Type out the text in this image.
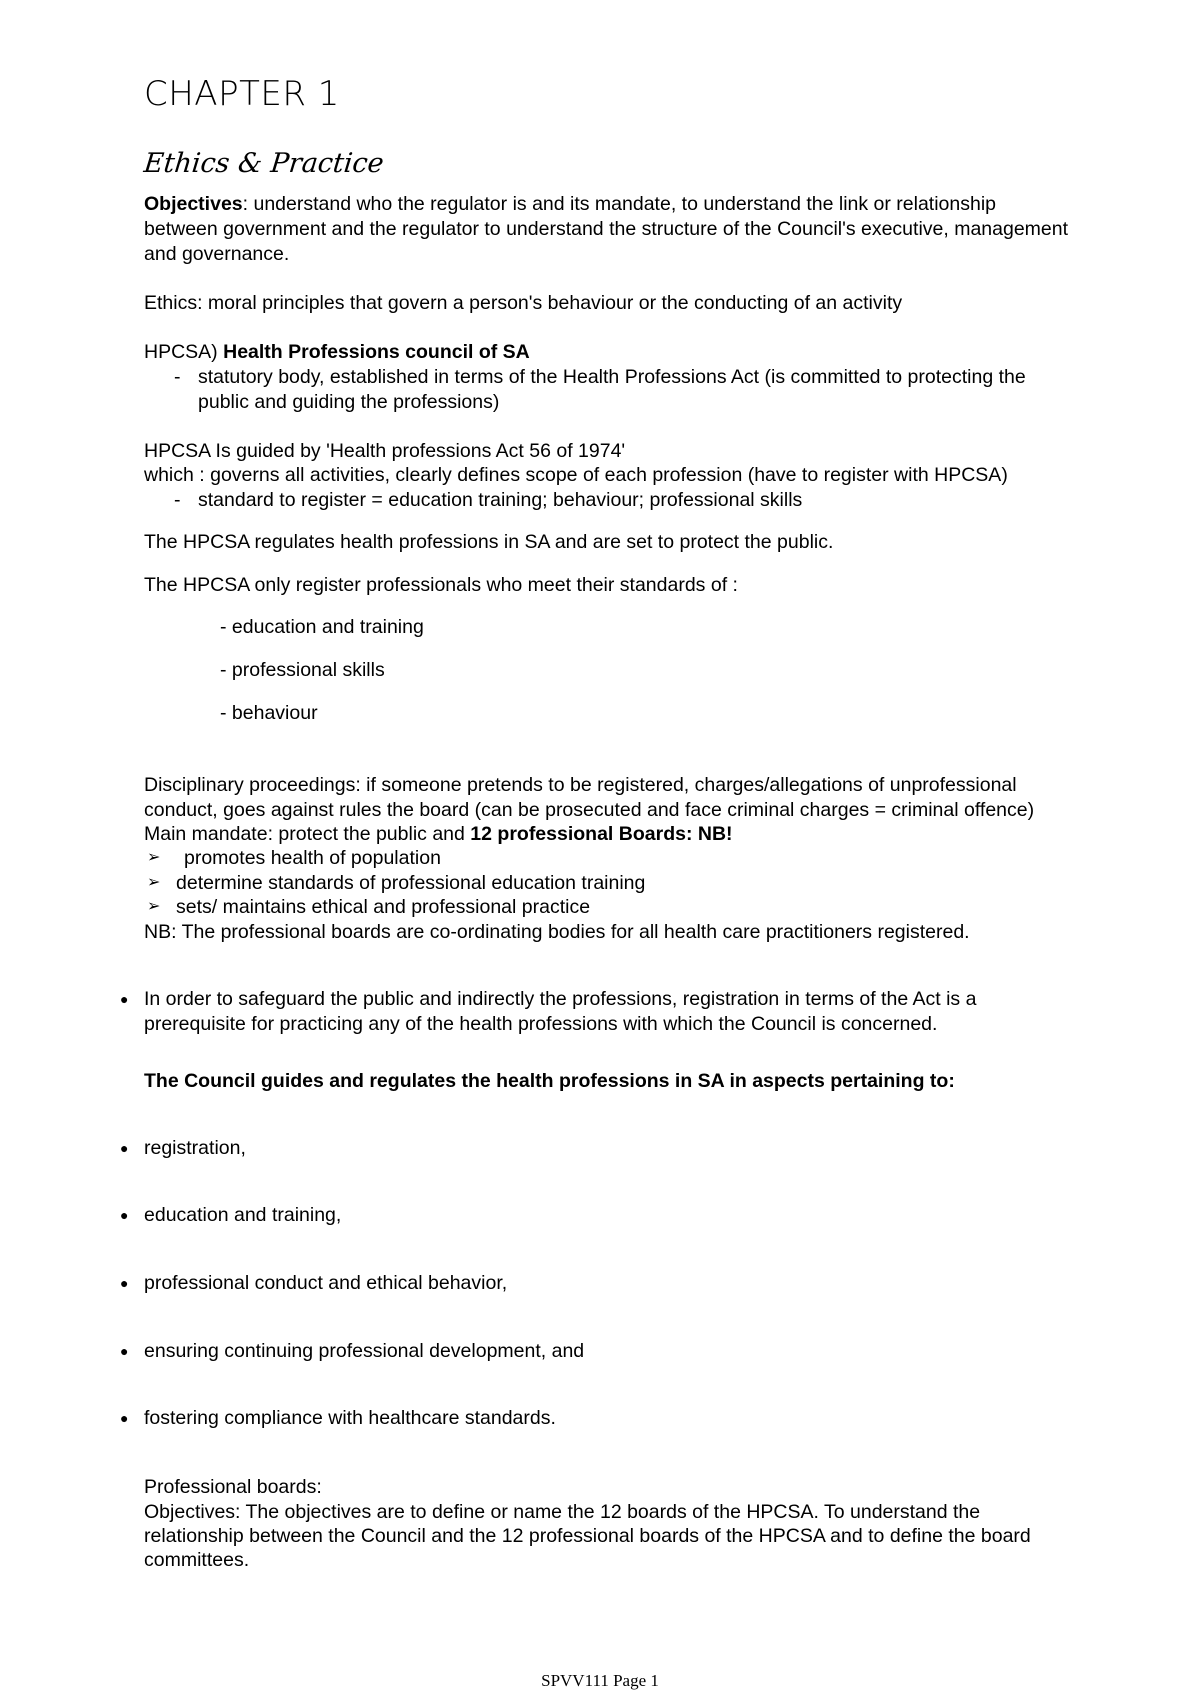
CHAPTER 1
Ethics & Practice
Objectives: understand who the regulator is and its mandate, to understand the link or relationship
between government and the regulator to understand the structure of the Council's executive, management
and governance.
Ethics: moral principles that govern a person's behaviour or the conducting of an activity
HPCSA) Health Professions council of SA
- statutory body, established in terms of the Health Professions Act (is committed to protecting the
public and guiding the professions)
HPCSA Is guided by 'Health professions Act 56 of 1974'
which : governs all activities, clearly defines scope of each profession (have to register with HPCSA)
- standard to register = education training; behaviour; professional skills
The HPCSA regulates health professions in SA and are set to protect the public.
The HPCSA only register professionals who meet their standards of :
- education and training
- professional skills
- behaviour
Disciplinary proceedings: if someone pretends to be registered, charges/allegations of unprofessional
conduct, goes against rules the board (can be prosecuted and face criminal charges = criminal offence)
Main mandate: protect the public and 12 professional Boards: NB!
➢ promotes health of population
➢ determine standards of professional education training
➢ sets/ maintains ethical and professional practice
NB: The professional boards are co-ordinating bodies for all health care practitioners registered.
● In order to safeguard the public and indirectly the professions, registration in terms of the Act is a
prerequisite for practicing any of the health professions with which the Council is concerned.
The Council guides and regulates the health professions in SA in aspects pertaining to:
● registration,
● education and training,
● professional conduct and ethical behavior,
● ensuring continuing professional development, and
● fostering compliance with healthcare standards.
Professional boards:
Objectives: The objectives are to define or name the 12 boards of the HPCSA. To understand the
relationship between the Council and the 12 professional boards of the HPCSA and to define the board
committees.
SPVV111 Page 1
